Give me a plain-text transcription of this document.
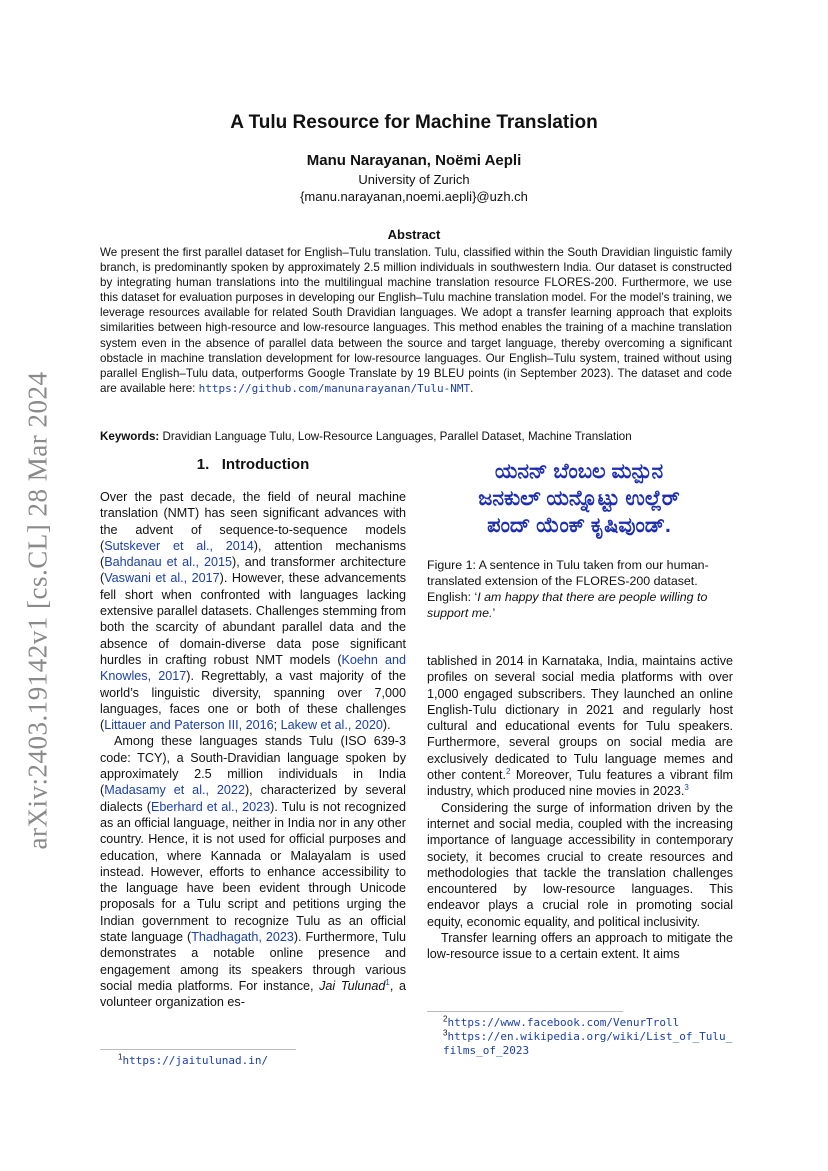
arXiv:2403.19142v1 [cs.CL] 28 Mar 2024
A Tulu Resource for Machine Translation
Manu Narayanan, Noëmi Aepli
University of Zurich
{manu.narayanan,noemi.aepli}@uzh.ch
Abstract
We present the first parallel dataset for English–Tulu translation. Tulu, classified within the South Dravidian linguistic family branch, is predominantly spoken by approximately 2.5 million individuals in southwestern India. Our dataset is constructed by integrating human translations into the multilingual machine translation resource FLORES-200. Furthermore, we use this dataset for evaluation purposes in developing our English–Tulu machine translation model. For the model’s training, we leverage resources available for related South Dravidian languages. We adopt a transfer learning approach that exploits similarities between high-resource and low-resource languages. This method enables the training of a machine translation system even in the absence of parallel data between the source and target language, thereby overcoming a significant obstacle in machine translation development for low-resource languages. Our English–Tulu system, trained without using parallel English–Tulu data, outperforms Google Translate by 19 BLEU points (in September 2023). The dataset and code are available here: https://github.com/manunarayanan/Tulu-NMT.
Keywords: Dravidian Language Tulu, Low-Resource Languages, Parallel Dataset, Machine Translation
1. Introduction

Over the past decade, the field of neural machine translation (NMT) has seen significant advances with the advent of sequence-to-sequence models (Sutskever et al., 2014), attention mechanisms (Bahdanau et al., 2015), and transformer architecture (Vaswani et al., 2017). However, these advancements fell short when confronted with languages lacking extensive parallel datasets. Challenges stemming from both the scarcity of abundant parallel data and the absence of domain-diverse data pose significant hurdles in crafting robust NMT models (Koehn and Knowles, 2017). Regrettably, a vast majority of the world’s linguistic diversity, spanning over 7,000 languages, faces one or both of these challenges (Littauer and Paterson III, 2016; Lakew et al., 2020).

Among these languages stands Tulu (ISO 639-3 code: TCY), a South-Dravidian language spoken by approximately 2.5 million individuals in India (Madasamy et al., 2022), characterized by several dialects (Eberhard et al., 2023). Tulu is not recognized as an official language, neither in India nor in any other country. Hence, it is not used for official purposes and education, where Kannada or Malayalam is used instead. However, efforts to enhance accessibility to the language have been evident through Unicode proposals for a Tulu script and petitions urging the Indian government to recognize Tulu as an official state language (Thadhagath, 2023). Furthermore, Tulu demonstrates a notable online presence and engagement among its speakers through various social media platforms. For instance, Jai Tulunad$^1$, a volunteer organization es-

$^1$https://jaitulunad.in/
ಯನನ್ ಬೆಂಬಲ ಮನ್ಪುನ
ಜನಕುಲ್ ಯನ್ನೊಟ್ಟು ಉಲ್ಲೆರ್
ಪಂದ್ ಯೆಂಕ್ ಕೃಷಿವುಂಡ್.
Figure 1: A sentence in Tulu taken from our human-translated extension of the FLORES-200 dataset. English: ‘I am happy that there are people willing to support me.’

tablished in 2014 in Karnataka, India, maintains active profiles on several social media platforms with over 1,000 engaged subscribers. They launched an online English-Tulu dictionary in 2021 and regularly host cultural and educational events for Tulu speakers. Furthermore, several groups on social media are exclusively dedicated to Tulu language memes and other content.$^2$ Moreover, Tulu features a vibrant film industry, which produced nine movies in 2023.$^3$

Considering the surge of information driven by the internet and social media, coupled with the increasing importance of language accessibility in contemporary society, it becomes crucial to create resources and methodologies that tackle the translation challenges encountered by low-resource languages. This endeavor plays a crucial role in promoting social equity, economic equality, and political inclusivity.

Transfer learning offers an approach to mitigate the low-resource issue to a certain extent. It aims

$^2$https://www.facebook.com/VenurTroll
$^3$https://en.wikipedia.org/wiki/List_of_Tulu_films_of_2023
